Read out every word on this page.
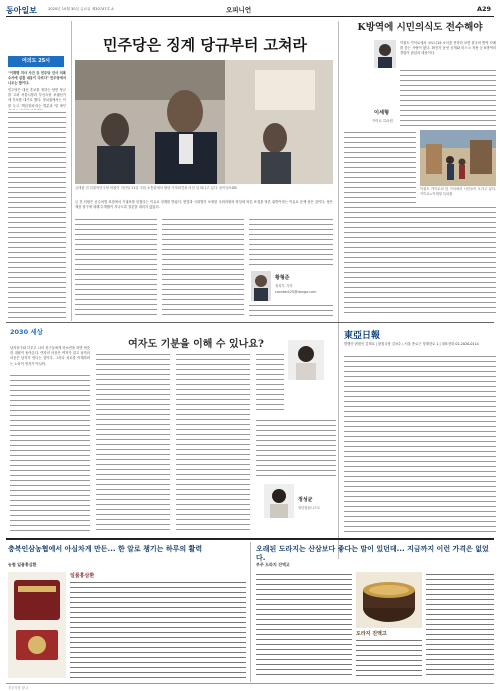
동아일보	2020년 10월 30일 금요일 제30747호 A	오피니언	A29
여의도 25시
"이재명 지사 사건 등 민주당 인사 의혹 수사에 검찰 대응이 다르다" 민주당에서 나오는 말이다.
민주당은 대선 후보를 정하는 당헌 당규를 고쳐 서울시장과 부산시장 보궐선거에 후보를 내기로 했다. 정치권에서는 이를 두고 '책임정치'라는 명분과 '말 바꾸
민주당은 징계 당규부터 고쳐라
금태섭 전 더불어민주당 의원이 지난달 21일 국회 소통관에서 탈당 기자회견을 마친 뒤 떠나고 있다. 동아일보DB
금 전 의원은 공수처법 표결에서 기권표를 던졌다는 이유로 징계를 받았다. 헌법과 국회법이 보장한 국회의원의 양심에 따른 표결을 당론 위반이라는 이유로 문제 삼은 것이다. 당은 재심 청구에 대해 수개월이 지나도록 결론을 내리지 않았다.
황형준
정치부 기자
constant25@donga.com
K방역에 시민의식도 전수해야
이세형
카이로 특파원
이집트 카이로에서 코로나19 소식을 전하다 보면 한국의 방역 사례를 묻는 사람이 많다. 확진자 동선 공개와 마스크 착용 등 K방역의 경험이 관심의 대상이다.
이집트 카이로의 한 거리에서 시민들이 오가고 있다. 카이로=이세형 특파원
2030 세상
여자도 기분을 이해 수 있나요?
남자친구와 다투고 나서 친구들에게 하소연을 하면 비슷한 대답이 돌아온다. 여자의 마음은 여자가 알고 남자의 마음은 남자가 안다는 것이다. 그러나 서로를 이해하려는 노력이 먼저가 아닐까.
정성균
청년칼럼니스트
東亞日報
발행인·편집인 김재호 | 편집국장 김차수 | 서울 종로구 청계천로 1 | 대표전화 02-2020-0114
충북인삼농협에서 아심차게 만든... 한 알로 챙기는 하루의 활력
농협 일품홍삼환
일품홍삼환
오래된 도라지는 산삼보다 좋다는 말이 있던데... 지금까지 이런 가격은 없었다.
부주 도라지 진액고
도라지 진액고
건강식품 광고
